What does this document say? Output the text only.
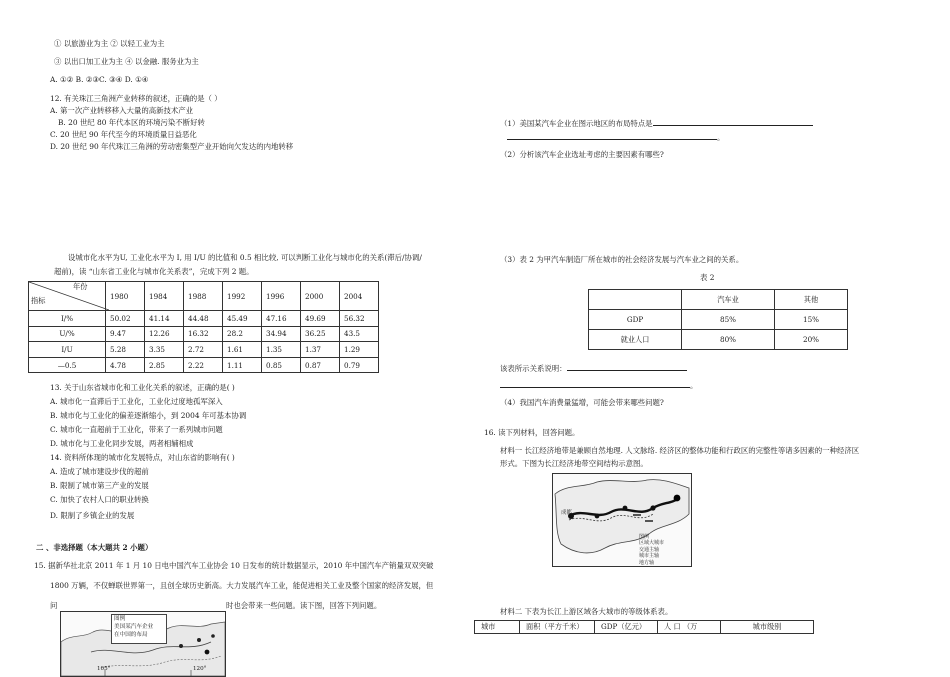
① 以旅游业为主 ② 以轻工业为主
③ 以出口加工业为主 ④ 以金融. 服务业为主
A. ①② B. ②③C. ③④ D. ①④
12. 有关珠江三角洲产业转移的叙述，正确的是（ ）
A. 第一次产业转移移入大量的高新技术产业
B. 20 世纪 80 年代本区的环境污染不断好转
C. 20 世纪 90 年代至今的环境质量日益恶化
D. 20 世纪 90 年代珠江三角洲的劳动密集型产业开始向欠发达的内地转移
设城市化水平为U, 工业化水平为 I, 用 I/U 的比值和 0.5 相比较, 可以判断工业化与城市化的关系(滞后/协调/
超前)，读 “山东省工业化与城市化关系表”，完成下列 2 题。
年份
指标	1980	1984	1988	1992	1996	2000	2004
I/%	50.02	41.14	44.48	45.49	47.16	49.69	56.32
U/%	9.47	12.26	16.32	28.2	34.94	36.25	43.5
I/U	5.28	3.35	2.72	1.61	1.35	1.37	1.29
—0.5	4.78	2.85	2.22	1.11	0.85	0.87	0.79
13. 关于山东省城市化和工业化关系的叙述，正确的是( )
A. 城市化一直滞后于工业化，工业化过度地孤军深入
B. 城市化与工业化的偏差逐渐缩小，到 2004 年可基本协调
C. 城市化一直超前于工业化，带来了一系列城市问题
D. 城市化与工业化同步发展，两者相辅相成
14. 资料所体现的城市化发展特点，对山东省的影响有( )
A. 造成了城市建设步伐的超前
B. 限制了城市第三产业的发展
C. 加快了农村人口的职业转换
D. 限制了乡镇企业的发展
二 、非选择题（本大题共 2 小题）
15. 据新华社北京 2011 年 1 月 10 日电中国汽车工业协会 10 日发布的统计数据显示，2010 年中国汽车产销量双双突破
1800 万辆，不仅蝉联世界第一，且创全球历史新高。大力发展汽车工业，能促进相关工业及整个国家的经济发展，但
问	时也会带来一些问题。读下图，回答下列问题。
图例
美国某汽车企业
在中国的布局
105°	120°
（1）美国某汽车企业在图示地区的布局特点是
。
（2）分析该汽车企业选址考虑的主要因素有哪些?
（3）表 2 为甲汽车制造厂所在城市的社会经济发展与汽车业之间的关系。
表 2
	汽车业	其他
GDP	85%	15%
就业人口	80%	20%
该表所示关系说明：
。
（4）我国汽车消费量猛增，可能会带来哪些问题?
16. 读下列材料，回答问题。
材料一 长江经济地带是兼顾自然地理. 人文脉络. 经济区的整体功能和行政区的完整性等诸多因素的一种经济区
形式。下图为长江经济地带空间结构示意图。
成都
图例
区域大城市
交通主轴
城市主轴
地方轴
材料二 下表为长江上游区域各大城市的等级体系表。
城市	面积（平方千米）	GDP（亿元）	人 口 （万	城市级别
